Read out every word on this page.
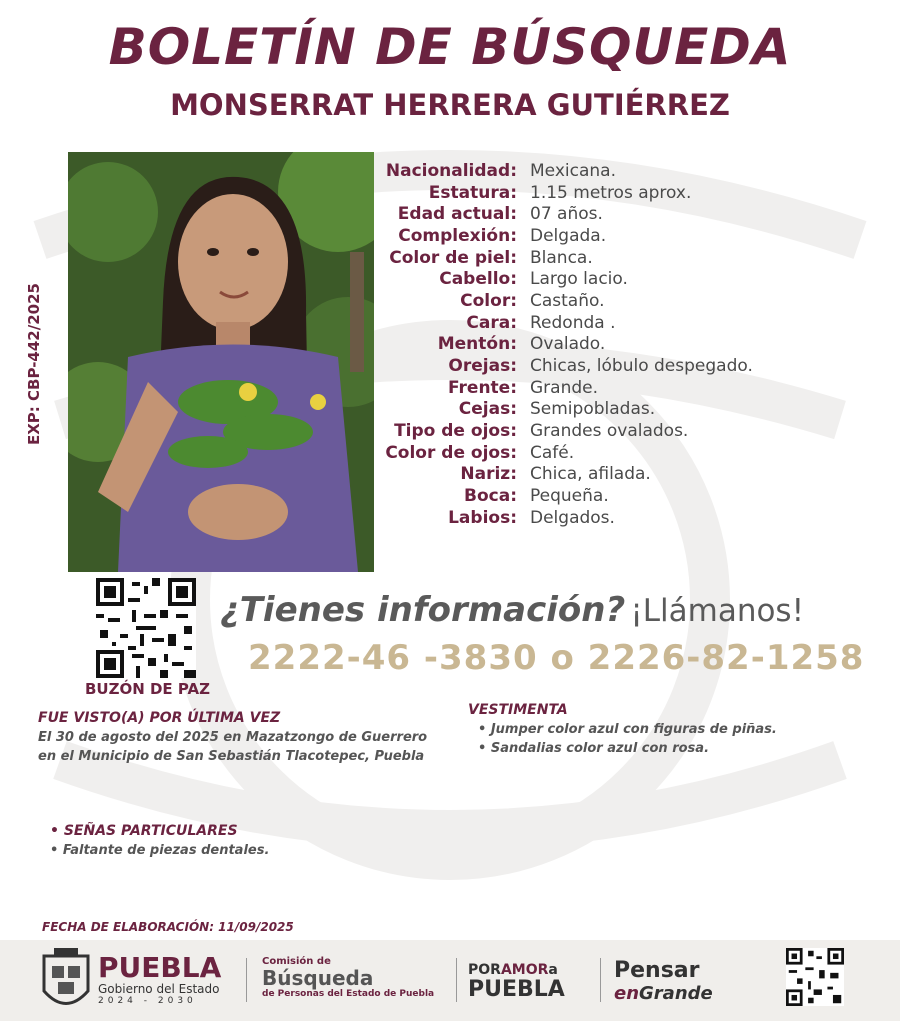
BOLETÍN DE BÚSQUEDA
MONSERRAT HERRERA GUTIÉRREZ
EXP: CBP-442/2025
Nacionalidad: Mexicana.
Estatura: 1.15 metros aprox.
Edad actual: 07 años.
Complexión: Delgada.
Color de piel: Blanca.
Cabello: Largo lacio.
Color: Castaño.
Cara: Redonda .
Mentón: Ovalado.
Orejas: Chicas, lóbulo despegado.
Frente: Grande.
Cejas: Semipobladas.
Tipo de ojos: Grandes ovalados.
Color de ojos: Café.
Nariz: Chica, afilada.
Boca: Pequeña.
Labios: Delgados.
BUZÓN DE PAZ
¿Tienes información? ¡Llámanos!
2222-46 -3830 o 2226-82-1258
FUE VISTO(A) POR ÚLTIMA VEZ
El 30 de agosto del 2025 en Mazatzongo de Guerrero
en el Municipio de San Sebastián Tlacotepec, Puebla
VESTIMENTA
• Jumper color azul con figuras de piñas.
• Sandalias color azul con rosa.
• SEÑAS PARTICULARES
• Faltante de piezas dentales.
FECHA DE ELABORACIÓN: 11/09/2025
PUEBLA
Gobierno del Estado
2024 - 2030
Comisión de
Búsqueda
de Personas del Estado de Puebla
PORAMORa
PUEBLA
Pensar
enGrande
